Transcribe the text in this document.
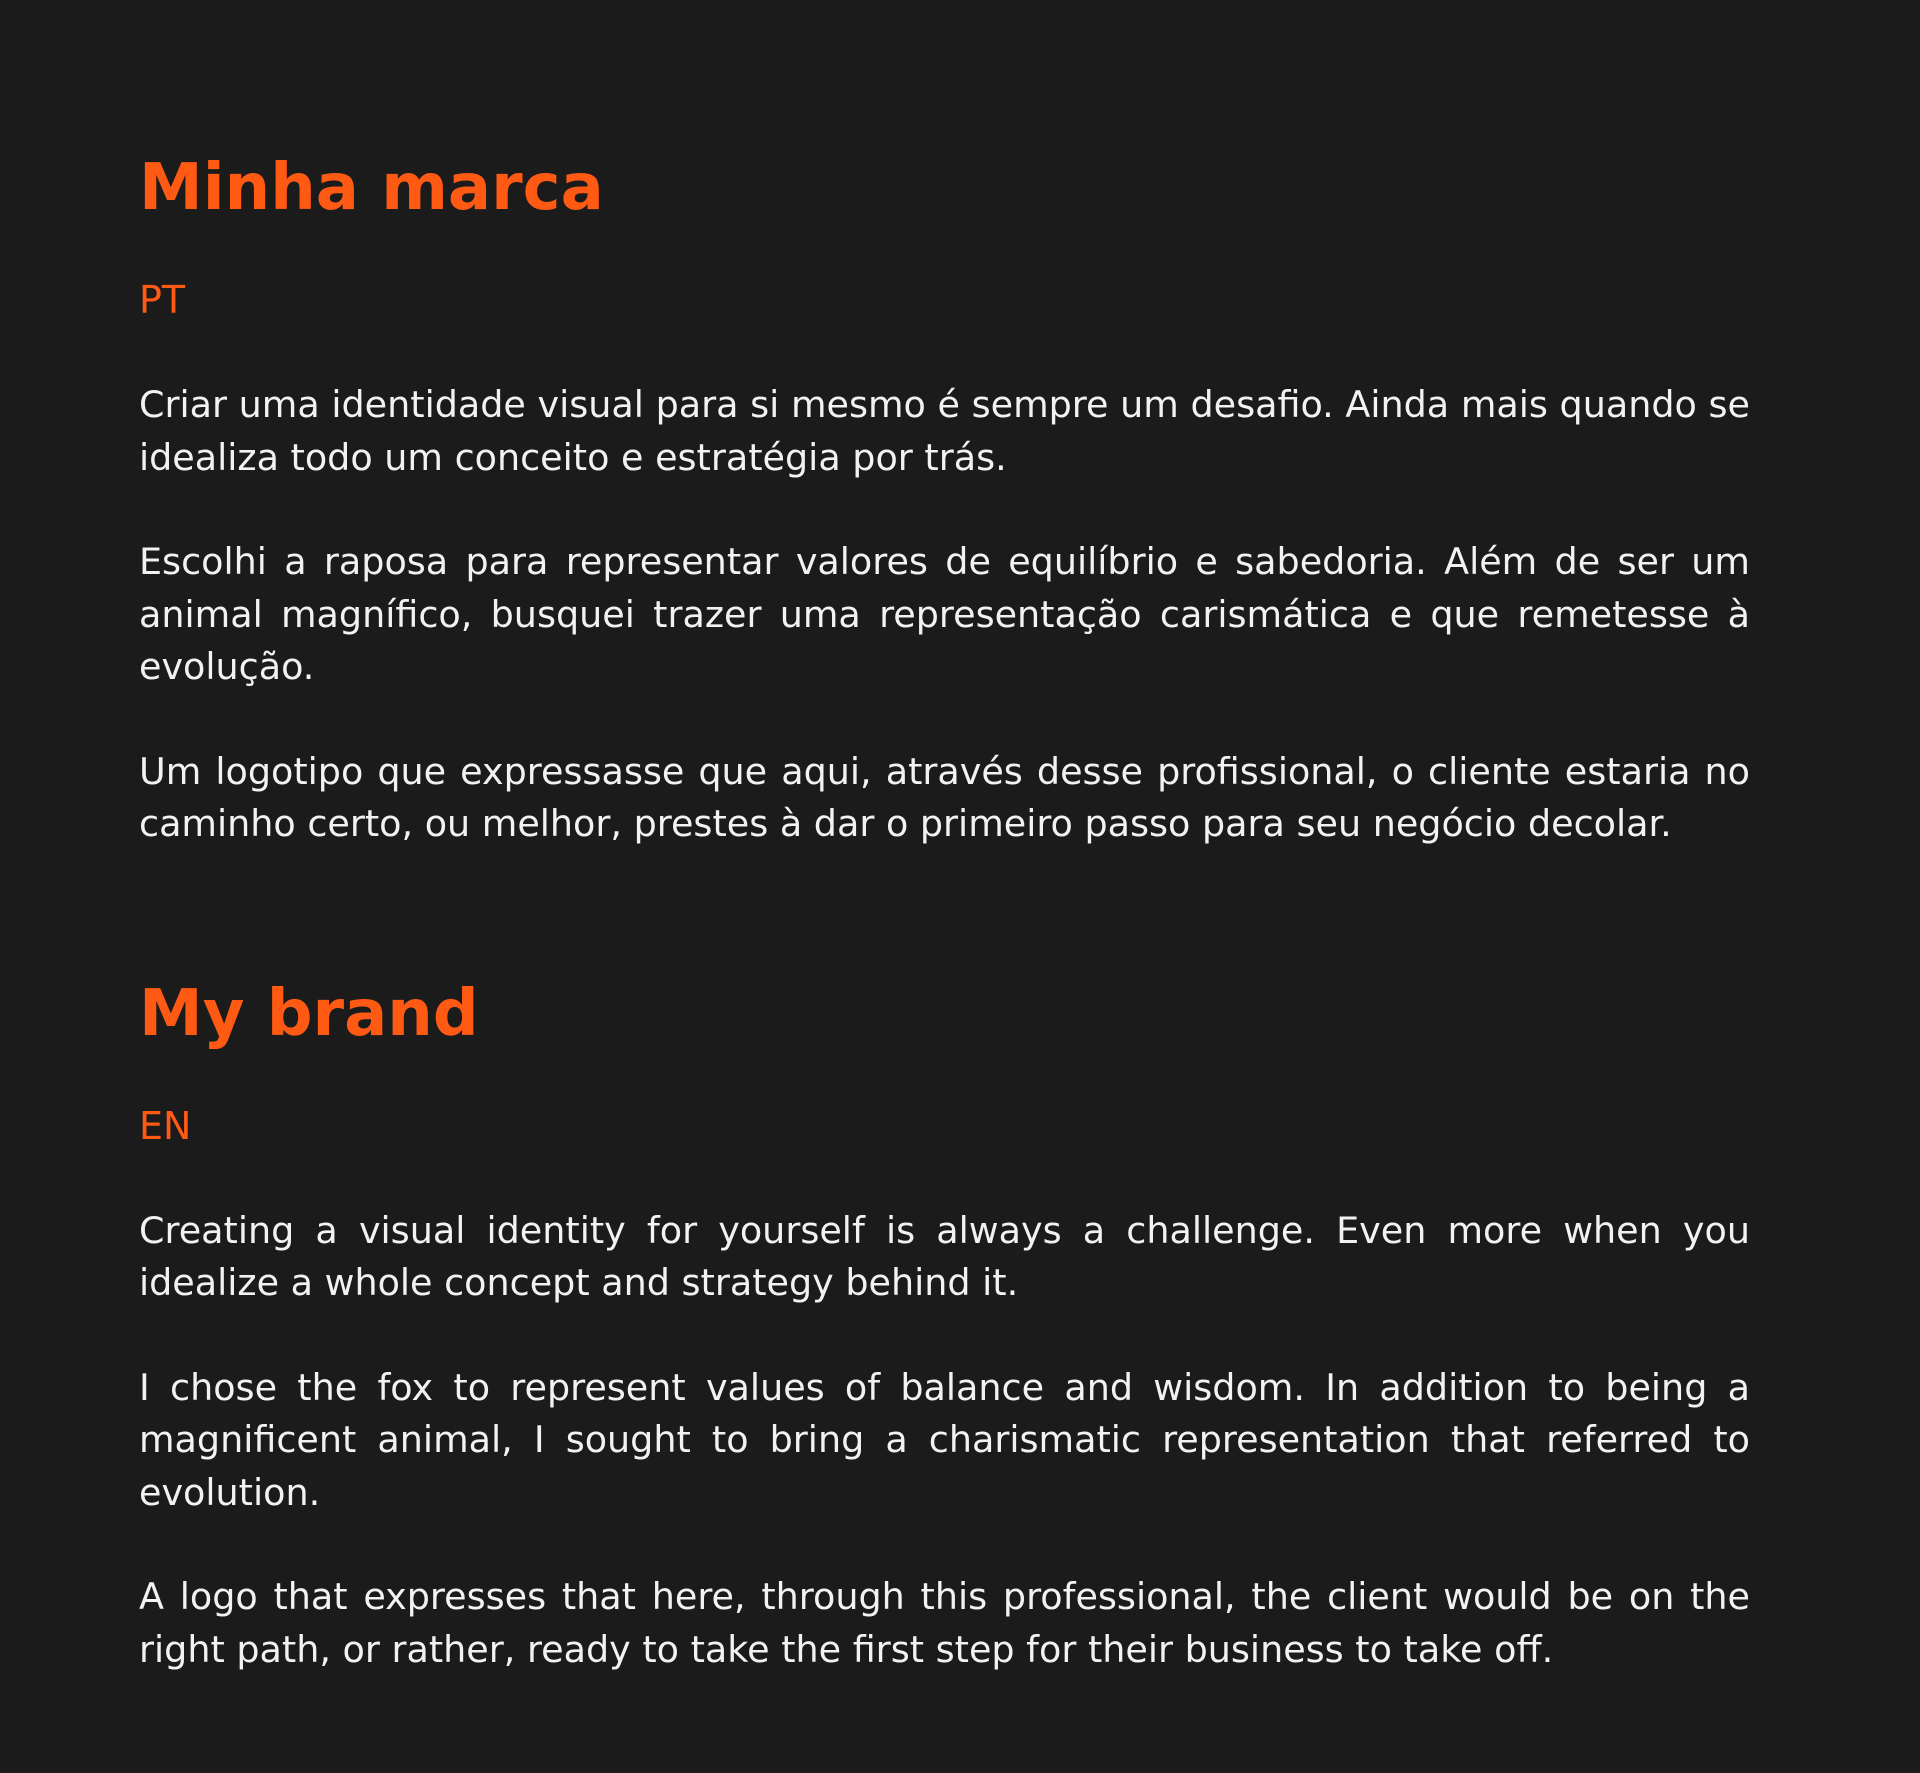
Minha marca
PT

Criar uma identidade visual para si mesmo é sempre um desafio. Ainda mais quando se idealiza todo um conceito e estratégia por trás.

Escolhi a raposa para representar valores de equilíbrio e sabedoria. Além de ser um animal magnífico, busquei trazer uma representação carismática e que remetesse à evolução.

Um logotipo que expressasse que aqui, através desse profissional, o cliente estaria no caminho certo, ou melhor, prestes à dar o primeiro passo para seu negócio decolar.

My brand
EN

Creating a visual identity for yourself is always a challenge. Even more when you idealize a whole concept and strategy behind it.

I chose the fox to represent values of balance and wisdom. In addition to being a magnificent animal, I sought to bring a charismatic representation that referred to evolution.

A logo that expresses that here, through this professional, the client would be on the right path, or rather, ready to take the first step for their business to take off.
